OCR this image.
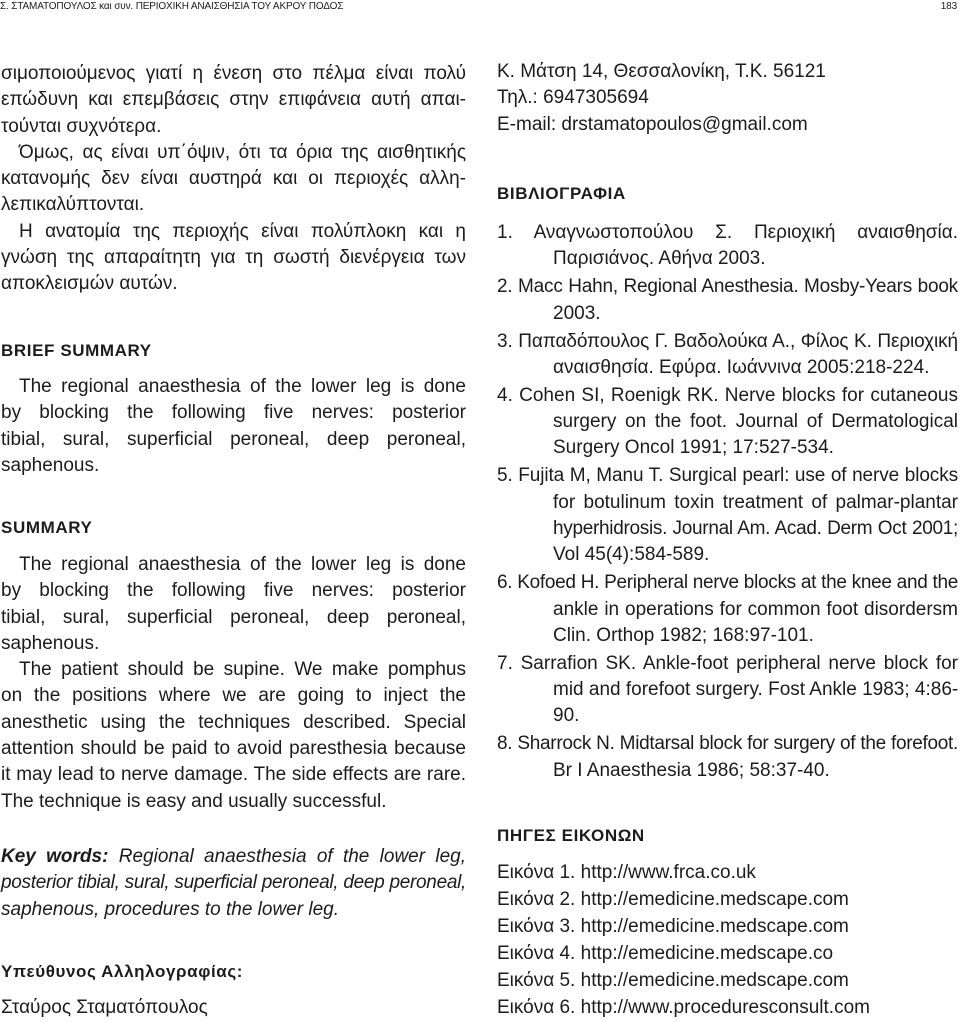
Σ. ΣΤΑΜΑΤΟΠΟΥΛΟΣ και συν. ΠΕΡΙΟΧΙΚΗ ΑΝΑΙΣΘΗΣΙΑ ΤΟΥ ΑΚΡΟΥ ΠΟΔΟΣ	183
σιμοποιούμενος γιατί η ένεση στο πέλμα είναι πολύ
επώδυνη και επεμβάσεις στην επιφάνεια αυτή απαι-
τούνται συχνότερα.
Όμως, ας είναι υπ΄όψιν, ότι τα όρια της αισθητικής
κατανομής δεν είναι αυστηρά και οι περιοχές αλλη-
λεπικαλύπτονται.
Η ανατομία της περιοχής είναι πολύπλοκη και η
γνώση της απαραίτητη για τη σωστή διενέργεια των
αποκλεισμών αυτών.
BRIEF SUMMARY
The regional anaesthesia of the lower leg is done
by blocking the following five nerves: posterior
tibial, sural, superficial peroneal, deep peroneal,
saphenous.
SUMMARY
The regional anaesthesia of the lower leg is done
by blocking the following five nerves: posterior
tibial, sural, superficial peroneal, deep peroneal,
saphenous.
The patient should be supine. We make pomphus
on the positions where we are going to inject the
anesthetic using the techniques described. Special
attention should be paid to avoid paresthesia because
it may lead to nerve damage. The side effects are rare.
The technique is easy and usually successful.
Key words: Regional anaesthesia of the lower leg,
posterior tibial, sural, superficial peroneal, deep peroneal,
saphenous, procedures to the lower leg.
Υπεύθυνος Αλληλογραφίας:
Σταύρος Σταματόπουλος
Κ. Μάτση 14, Θεσσαλονίκη, Τ.Κ. 56121
Τηλ.: 6947305694
E-mail: drstamatopoulos@gmail.com
ΒΙΒΛΙΟΓΡΑΦΙΑ
1. Αναγνωστοπούλου Σ. Περιοχική αναισθησία.
Παρισιάνος. Αθήνα 2003.
2. Macc Hahn, Regional Anesthesia. Mosby-Years book
2003.
3. Παπαδόπουλος Γ. Βαδολούκα Α., Φίλος Κ. Περιοχική
αναισθησία. Εφύρα. Ιωάννινα 2005:218-224.
4. Cohen SI, Roenigk RK. Nerve blocks for cutaneous
surgery on the foot. Journal of Dermatological
Surgery Oncol 1991; 17:527-534.
5. Fujita M, Manu T. Surgical pearl: use of nerve blocks
for botulinum toxin treatment of palmar-plantar
hyperhidrosis. Journal Am. Acad. Derm Oct 2001;
Vol 45(4):584-589.
6. Kofoed H. Peripheral nerve blocks at the knee and the
ankle in operations for common foot disordersm
Clin. Orthop 1982; 168:97-101.
7. Sarrafion SK. Ankle-foot peripheral nerve block for
mid and forefoot surgery. Fost Ankle 1983; 4:86-
90.
8. Sharrock N. Midtarsal block for surgery of the forefoot.
Br I Anaesthesia 1986; 58:37-40.
ΠΗΓΕΣ ΕΙΚΟΝΩΝ
Εικόνα 1. http://www.frca.co.uk
Εικόνα 2. http://emedicine.medscape.com
Εικόνα 3. http://emedicine.medscape.com
Εικόνα 4. http://emedicine.medscape.co
Εικόνα 5. http://emedicine.medscape.com
Εικόνα 6. http://www.proceduresconsult.com
